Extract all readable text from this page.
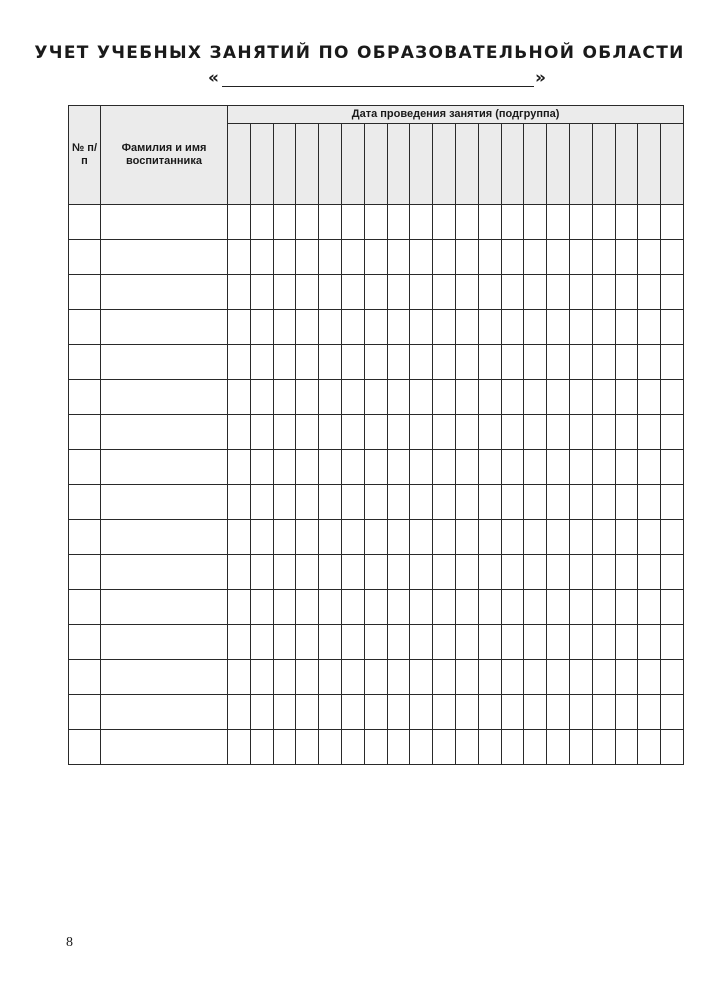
УЧЕТ УЧЕБНЫХ ЗАНЯТИЙ ПО ОБРАЗОВАТЕЛЬНОЙ ОБЛАСТИ
«	»
№ п/п	Фамилия и имя воспитанника	Дата проведения занятия (подгруппа)																			

8
